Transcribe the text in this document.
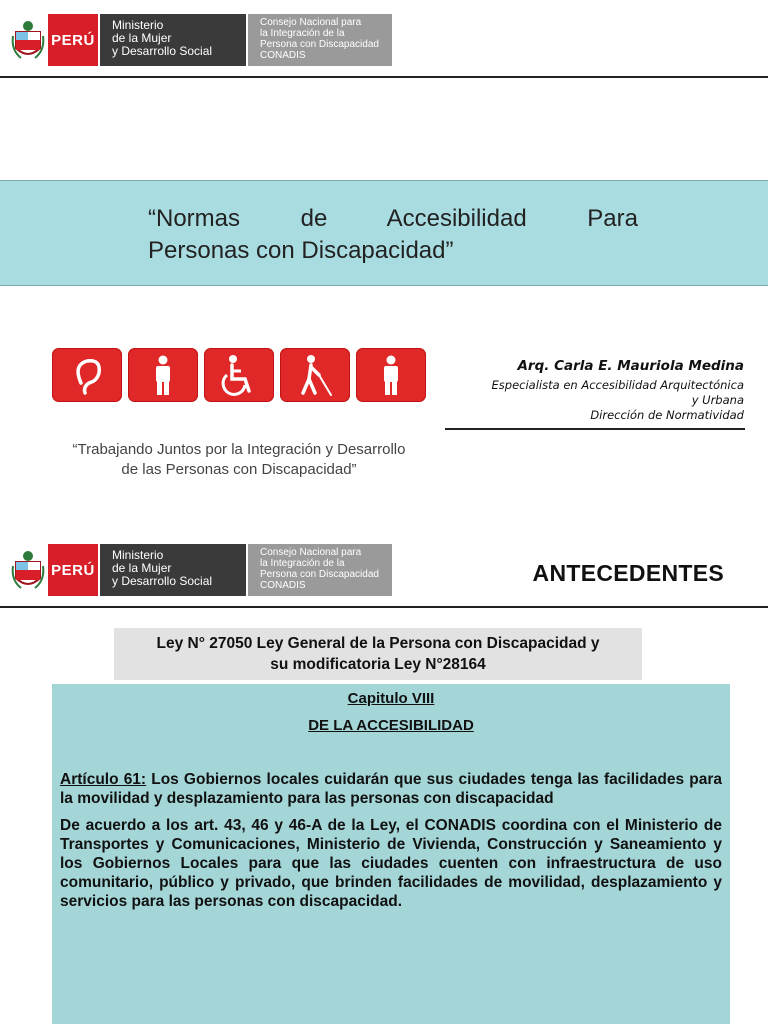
PERÚ
Ministerio
de la Mujer
y Desarrollo Social
Consejo Nacional para
la Integración de la
Persona con Discapacidad
CONADIS
“Normas de Accesibilidad Para
Personas con Discapacidad”
“Trabajando Juntos por la Integración y Desarrollo
de las Personas con Discapacidad”
Arq. Carla E. Mauriola Medina
Especialista en Accesibilidad Arquitectónica
y Urbana
Dirección de Normatividad
PERÚ
Ministerio
de la Mujer
y Desarrollo Social
Consejo Nacional para
la Integración de la
Persona con Discapacidad
CONADIS	ANTECEDENTES
Ley N° 27050 Ley General de la Persona con Discapacidad y
su modificatoria Ley N°28164
Capitulo VIII
DE LA ACCESIBILIDAD

Artículo 61: Los Gobiernos locales cuidarán que sus ciudades tenga las facilidades para la movilidad y desplazamiento para las personas con discapacidad

De acuerdo a los art. 43, 46 y 46-A de la Ley, el CONADIS coordina con el Ministerio de Transportes y Comunicaciones, Ministerio de Vivienda, Construcción y Saneamiento y los Gobiernos Locales para que las ciudades cuenten con infraestructura de uso comunitario, público y privado, que brinden facilidades de movilidad, desplazamiento y servicios para las personas con discapacidad.
